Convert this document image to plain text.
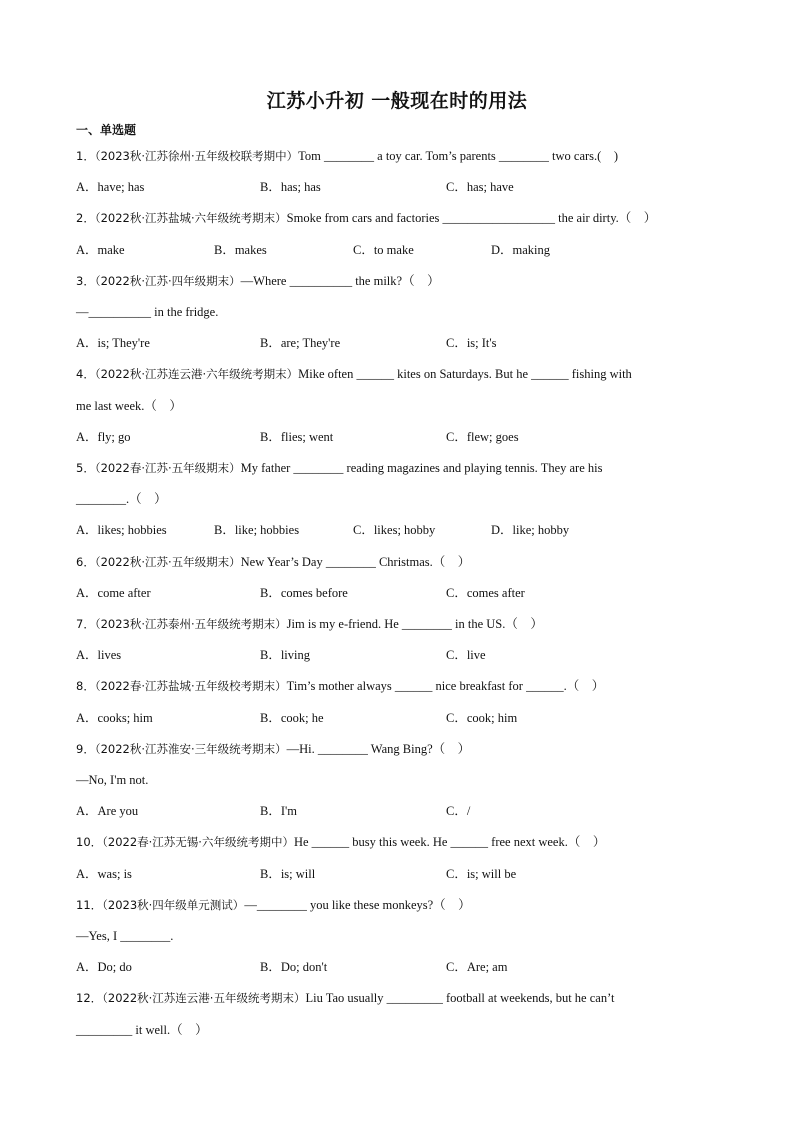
江苏小升初 一般现在时的用法
一、单选题
1．（2023秋·江苏徐州·五年级校联考期中）Tom ________ a toy car. Tom’s parents ________ two cars.(　)
A．have; has	B．has; has	C．has; have
2．（2022秋·江苏盐城·六年级统考期末）Smoke from cars and factories __________________ the air dirty.（　）
A．make	B．makes	C．to make	D．making
3．（2022秋·江苏·四年级期末）—Where __________ the milk?（　）
—__________ in the fridge.
A．is; They're	B．are; They're	C．is; It's
4．（2022秋·江苏连云港·六年级统考期末）Mike often ______ kites on Saturdays. But he ______ fishing with
me last week.（　）
A．fly; go	B．flies; went	C．flew; goes
5．（2022春·江苏·五年级期末）My father ________ reading magazines and playing tennis. They are his
________.（　）
A．likes; hobbies	B．like; hobbies	C．likes; hobby	D．like; hobby
6．（2022秋·江苏·五年级期末）New Year’s Day ________ Christmas.（　）
A．come after	B．comes before	C．comes after
7．（2023秋·江苏泰州·五年级统考期末）Jim is my e-friend. He ________ in the US.（　）
A．lives	B．living	C．live
8．（2022春·江苏盐城·五年级校考期末）Tim’s mother always ______ nice breakfast for ______.（　）
A．cooks; him	B．cook; he	C．cook; him
9．（2022秋·江苏淮安·三年级统考期末）—Hi. ________ Wang Bing?（　）
—No, I'm not.
A．Are you	B．I'm	C．/
10．（2022春·江苏无锡·六年级统考期中）He ______ busy this week. He ______ free next week.（　）
A．was; is	B．is; will	C．is; will be
11．（2023秋·四年级单元测试）—________ you like these monkeys?（　）
—Yes, I ________.
A．Do; do	B．Do; don't	C．Are; am
12．（2022秋·江苏连云港·五年级统考期末）Liu Tao usually _________ football at weekends, but he can’t
_________ it well.（　）
